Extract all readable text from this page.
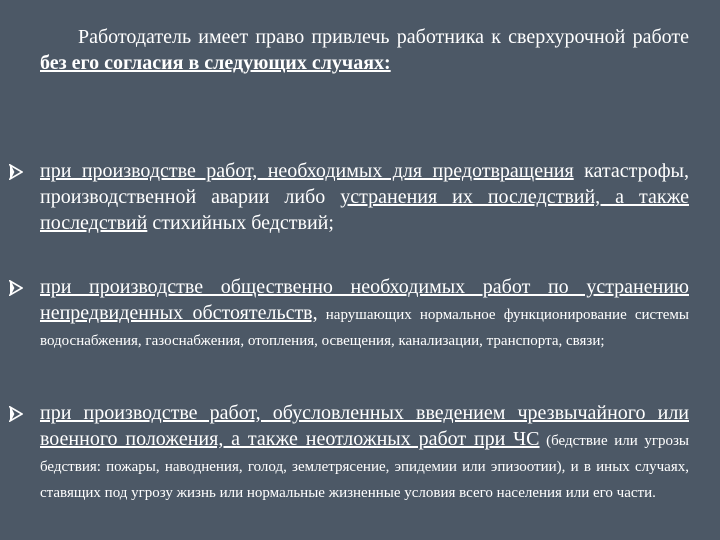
Работодатель имеет право привлечь работника к сверхурочной работе без его согласия в следующих случаях:

при производстве работ, необходимых для предотвращения катастрофы, производственной аварии либо устранения их последствий, а также последствий стихийных бедствий;

при производстве общественно необходимых работ по устранению непредвиденных обстоятельств, нарушающих нормальное функционирование системы водоснабжения, газоснабжения, отопления, освещения, канализации, транспорта, связи;

при производстве работ, обусловленных введением чрезвычайного или военного положения, а также неотложных работ при ЧС (бедствие или угрозы бедствия: пожары, наводнения, голод, землетрясение, эпидемии или эпизоотии), и в иных случаях, ставящих под угрозу жизнь или нормальные жизненные условия всего населения или его части.
